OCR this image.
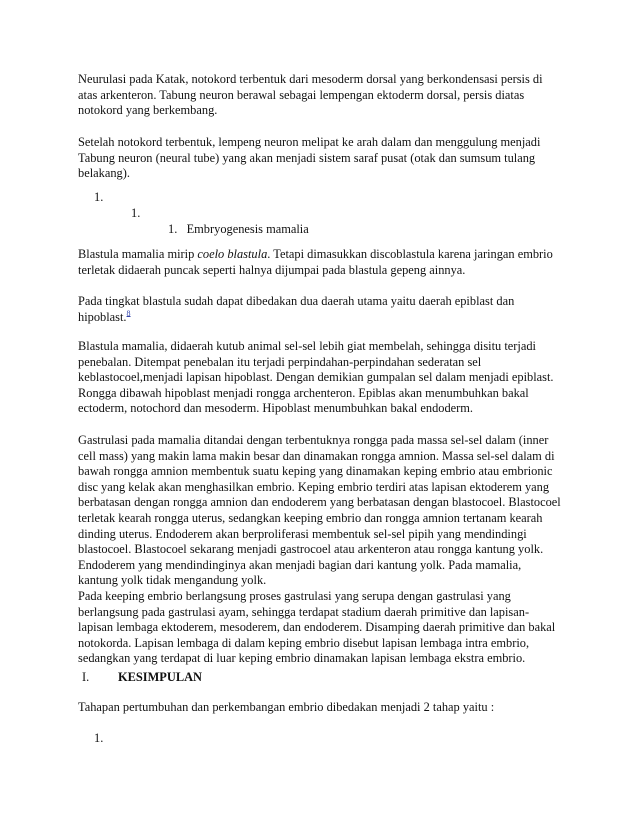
Neurulasi pada Katak, notokord terbentuk dari mesoderm dorsal yang berkondensasi persis di
atas arkenteron. Tabung neuron berawal sebagai lempengan ektoderm dorsal, persis diatas
notokord yang berkembang.

Setelah notokord terbentuk, lempeng neuron melipat ke arah dalam dan menggulung menjadi
Tabung neuron (neural tube) yang akan menjadi sistem saraf pusat (otak dan sumsum tulang
belakang).

1.

1.

1. Embryogenesis mamalia

Blastula mamalia mirip coelo blastula. Tetapi dimasukkan discoblastula karena jaringan embrio
terletak didaerah puncak seperti halnya dijumpai pada blastula gepeng ainnya.

Pada tingkat blastula sudah dapat dibedakan dua daerah utama yaitu daerah epiblast dan
hipoblast.$^8$

Blastula mamalia, didaerah kutub animal sel-sel lebih giat membelah, sehingga disitu terjadi
penebalan. Ditempat penebalan itu terjadi perpindahan-perpindahan sederatan sel
keblastocoel,menjadi lapisan hipoblast. Dengan demikian gumpalan sel dalam menjadi epiblast.
Rongga dibawah hipoblast menjadi rongga archenteron. Epiblas akan menumbuhkan bakal
ectoderm, notochord dan mesoderm. Hipoblast menumbuhkan bakal endoderm.

Gastrulasi pada mamalia ditandai dengan terbentuknya rongga pada massa sel-sel dalam (inner
cell mass) yang makin lama makin besar dan dinamakan rongga amnion. Massa sel-sel dalam di
bawah rongga amnion membentuk suatu keping yang dinamakan keping embrio atau embrionic
disc yang kelak akan menghasilkan embrio. Keping embrio terdiri atas lapisan ektoderem yang
berbatasan dengan rongga amnion dan endoderem yang berbatasan dengan blastocoel. Blastocoel
terletak kearah rongga uterus, sedangkan keeping embrio dan rongga amnion tertanam kearah
dinding uterus. Endoderem akan berproliferasi membentuk sel-sel pipih yang mendindingi
blastocoel. Blastocoel sekarang menjadi gastrocoel atau arkenteron atau rongga kantung yolk.
Endoderem yang mendindinginya akan menjadi bagian dari kantung yolk. Pada mamalia,
kantung yolk tidak mengandung yolk.

Pada keeping embrio berlangsung proses gastrulasi yang serupa dengan gastrulasi yang
berlangsung pada gastrulasi ayam, sehingga terdapat stadium daerah primitive dan lapisan-
lapisan lembaga ektoderem, mesoderem, dan endoderem. Disamping daerah primitive dan bakal
notokorda. Lapisan lembaga di dalam keping embrio disebut lapisan lembaga intra embrio,
sedangkan yang terdapat di luar keping embrio dinamakan lapisan lembaga ekstra embrio.

I. KESIMPULAN

Tahapan pertumbuhan dan perkembangan embrio dibedakan menjadi 2 tahap yaitu :

1.
